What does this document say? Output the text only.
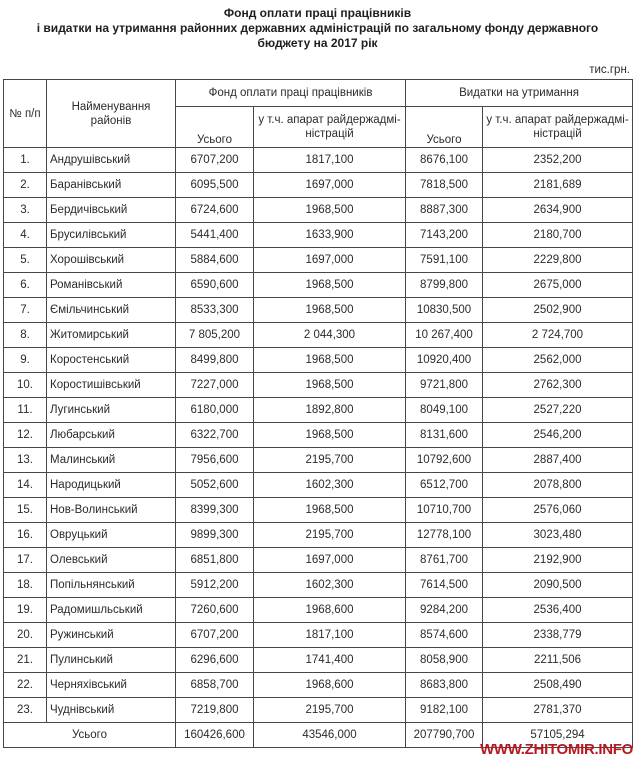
Фонд оплати праці працівників
і видатки на утримання районних державних адміністрацій по загальному фонду державного
бюджету на 2017 рік
тис.грн.
№ п/п	Найменування районів	Фонд оплати праці працівників		Видатки на утримання	
		Усього	у т.ч. апарат райдержадмі-ністрацій	Усього	у т.ч. апарат райдержадмі-ністрацій
1.	Андрушівський	6707,200	1817,100	8676,100	2352,200
2.	Баранівський	6095,500	1697,000	7818,500	2181,689
3.	Бердичівський	6724,600	1968,500	8887,300	2634,900
4.	Брусилівський	5441,400	1633,900	7143,200	2180,700
5.	Хорошівський	5884,600	1697,000	7591,100	2229,800
6.	Романівський	6590,600	1968,500	8799,800	2675,000
7.	Ємільчинський	8533,300	1968,500	10830,500	2502,900
8.	Житомирський	7 805,200	2 044,300	10 267,400	2 724,700
9.	Коростенський	8499,800	1968,500	10920,400	2562,000
10.	Коростишівський	7227,000	1968,500	9721,800	2762,300
11.	Лугинський	6180,000	1892,800	8049,100	2527,220
12.	Любарський	6322,700	1968,500	8131,600	2546,200
13.	Малинський	7956,600	2195,700	10792,600	2887,400
14.	Народицький	5052,600	1602,300	6512,700	2078,800
15.	Нов-Волинський	8399,300	1968,500	10710,700	2576,060
16.	Овруцький	9899,300	2195,700	12778,100	3023,480
17.	Олевський	6851,800	1697,000	8761,700	2192,900
18.	Попільнянський	5912,200	1602,300	7614,500	2090,500
19.	Радомишльський	7260,600	1968,600	9284,200	2536,400
20.	Ружинський	6707,200	1817,100	8574,600	2338,779
21.	Пулинський	6296,600	1741,400	8058,900	2211,506
22.	Черняхівський	6858,700	1968,600	8683,800	2508,490
23.	Чуднівський	7219,800	2195,700	9182,100	2781,370
Усього		160426,600	43546,000	207790,700	57105,294
WWW.ZHITOMIR.INFO
